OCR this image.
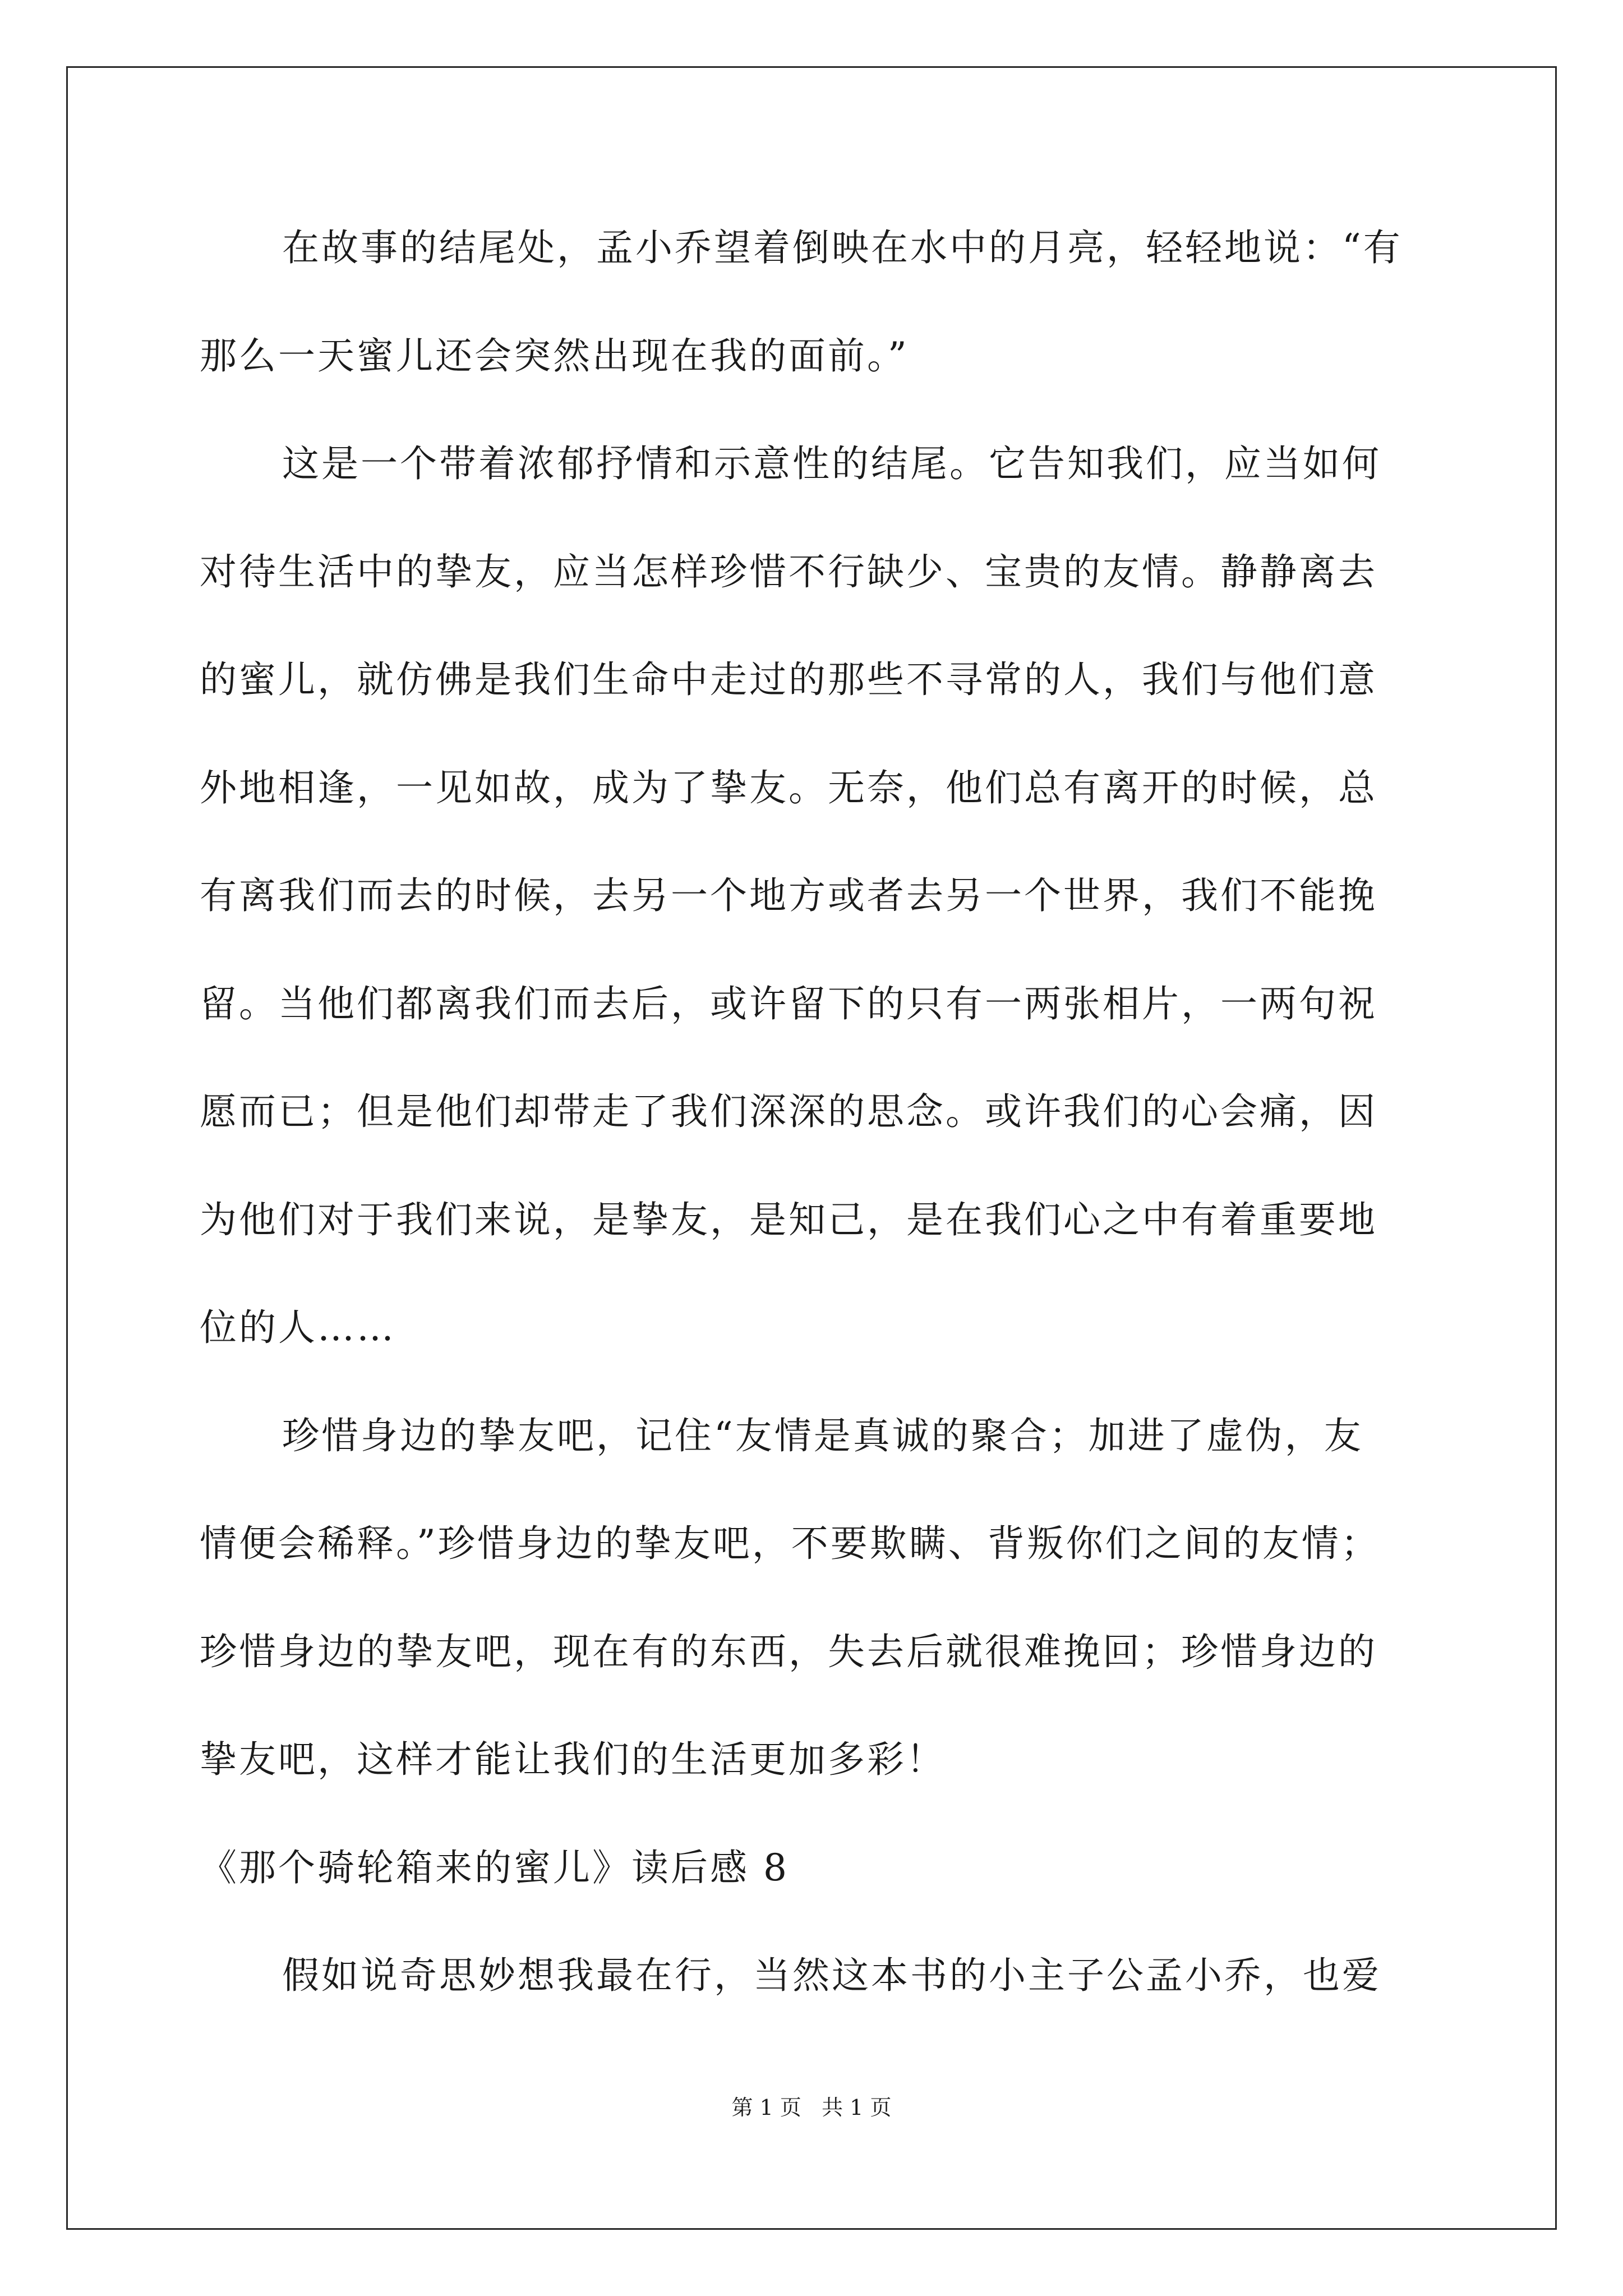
在故事的结尾处，孟小乔望着倒映在水中的月亮，轻轻地说：“有

那么一天蜜儿还会突然出现在我的面前。”

这是一个带着浓郁抒情和示意性的结尾。它告知我们，应当如何

对待生活中的挚友，应当怎样珍惜不行缺少、宝贵的友情。静静离去

的蜜儿，就仿佛是我们生命中走过的那些不寻常的人，我们与他们意

外地相逢，一见如故，成为了挚友。无奈，他们总有离开的时候，总

有离我们而去的时候，去另一个地方或者去另一个世界，我们不能挽

留。当他们都离我们而去后，或许留下的只有一两张相片，一两句祝

愿而已；但是他们却带走了我们深深的思念。或许我们的心会痛，因

为他们对于我们来说，是挚友，是知己，是在我们心之中有着重要地

位的人……

珍惜身边的挚友吧，记住“友情是真诚的聚合；加进了虚伪，友

情便会稀释。”珍惜身边的挚友吧，不要欺瞒、背叛你们之间的友情；

珍惜身边的挚友吧，现在有的东西，失去后就很难挽回；珍惜身边的

挚友吧，这样才能让我们的生活更加多彩！

《那个骑轮箱来的蜜儿》读后感 8

假如说奇思妙想我最在行，当然这本书的小主子公孟小乔，也爱

第 1 页   共 1 页
